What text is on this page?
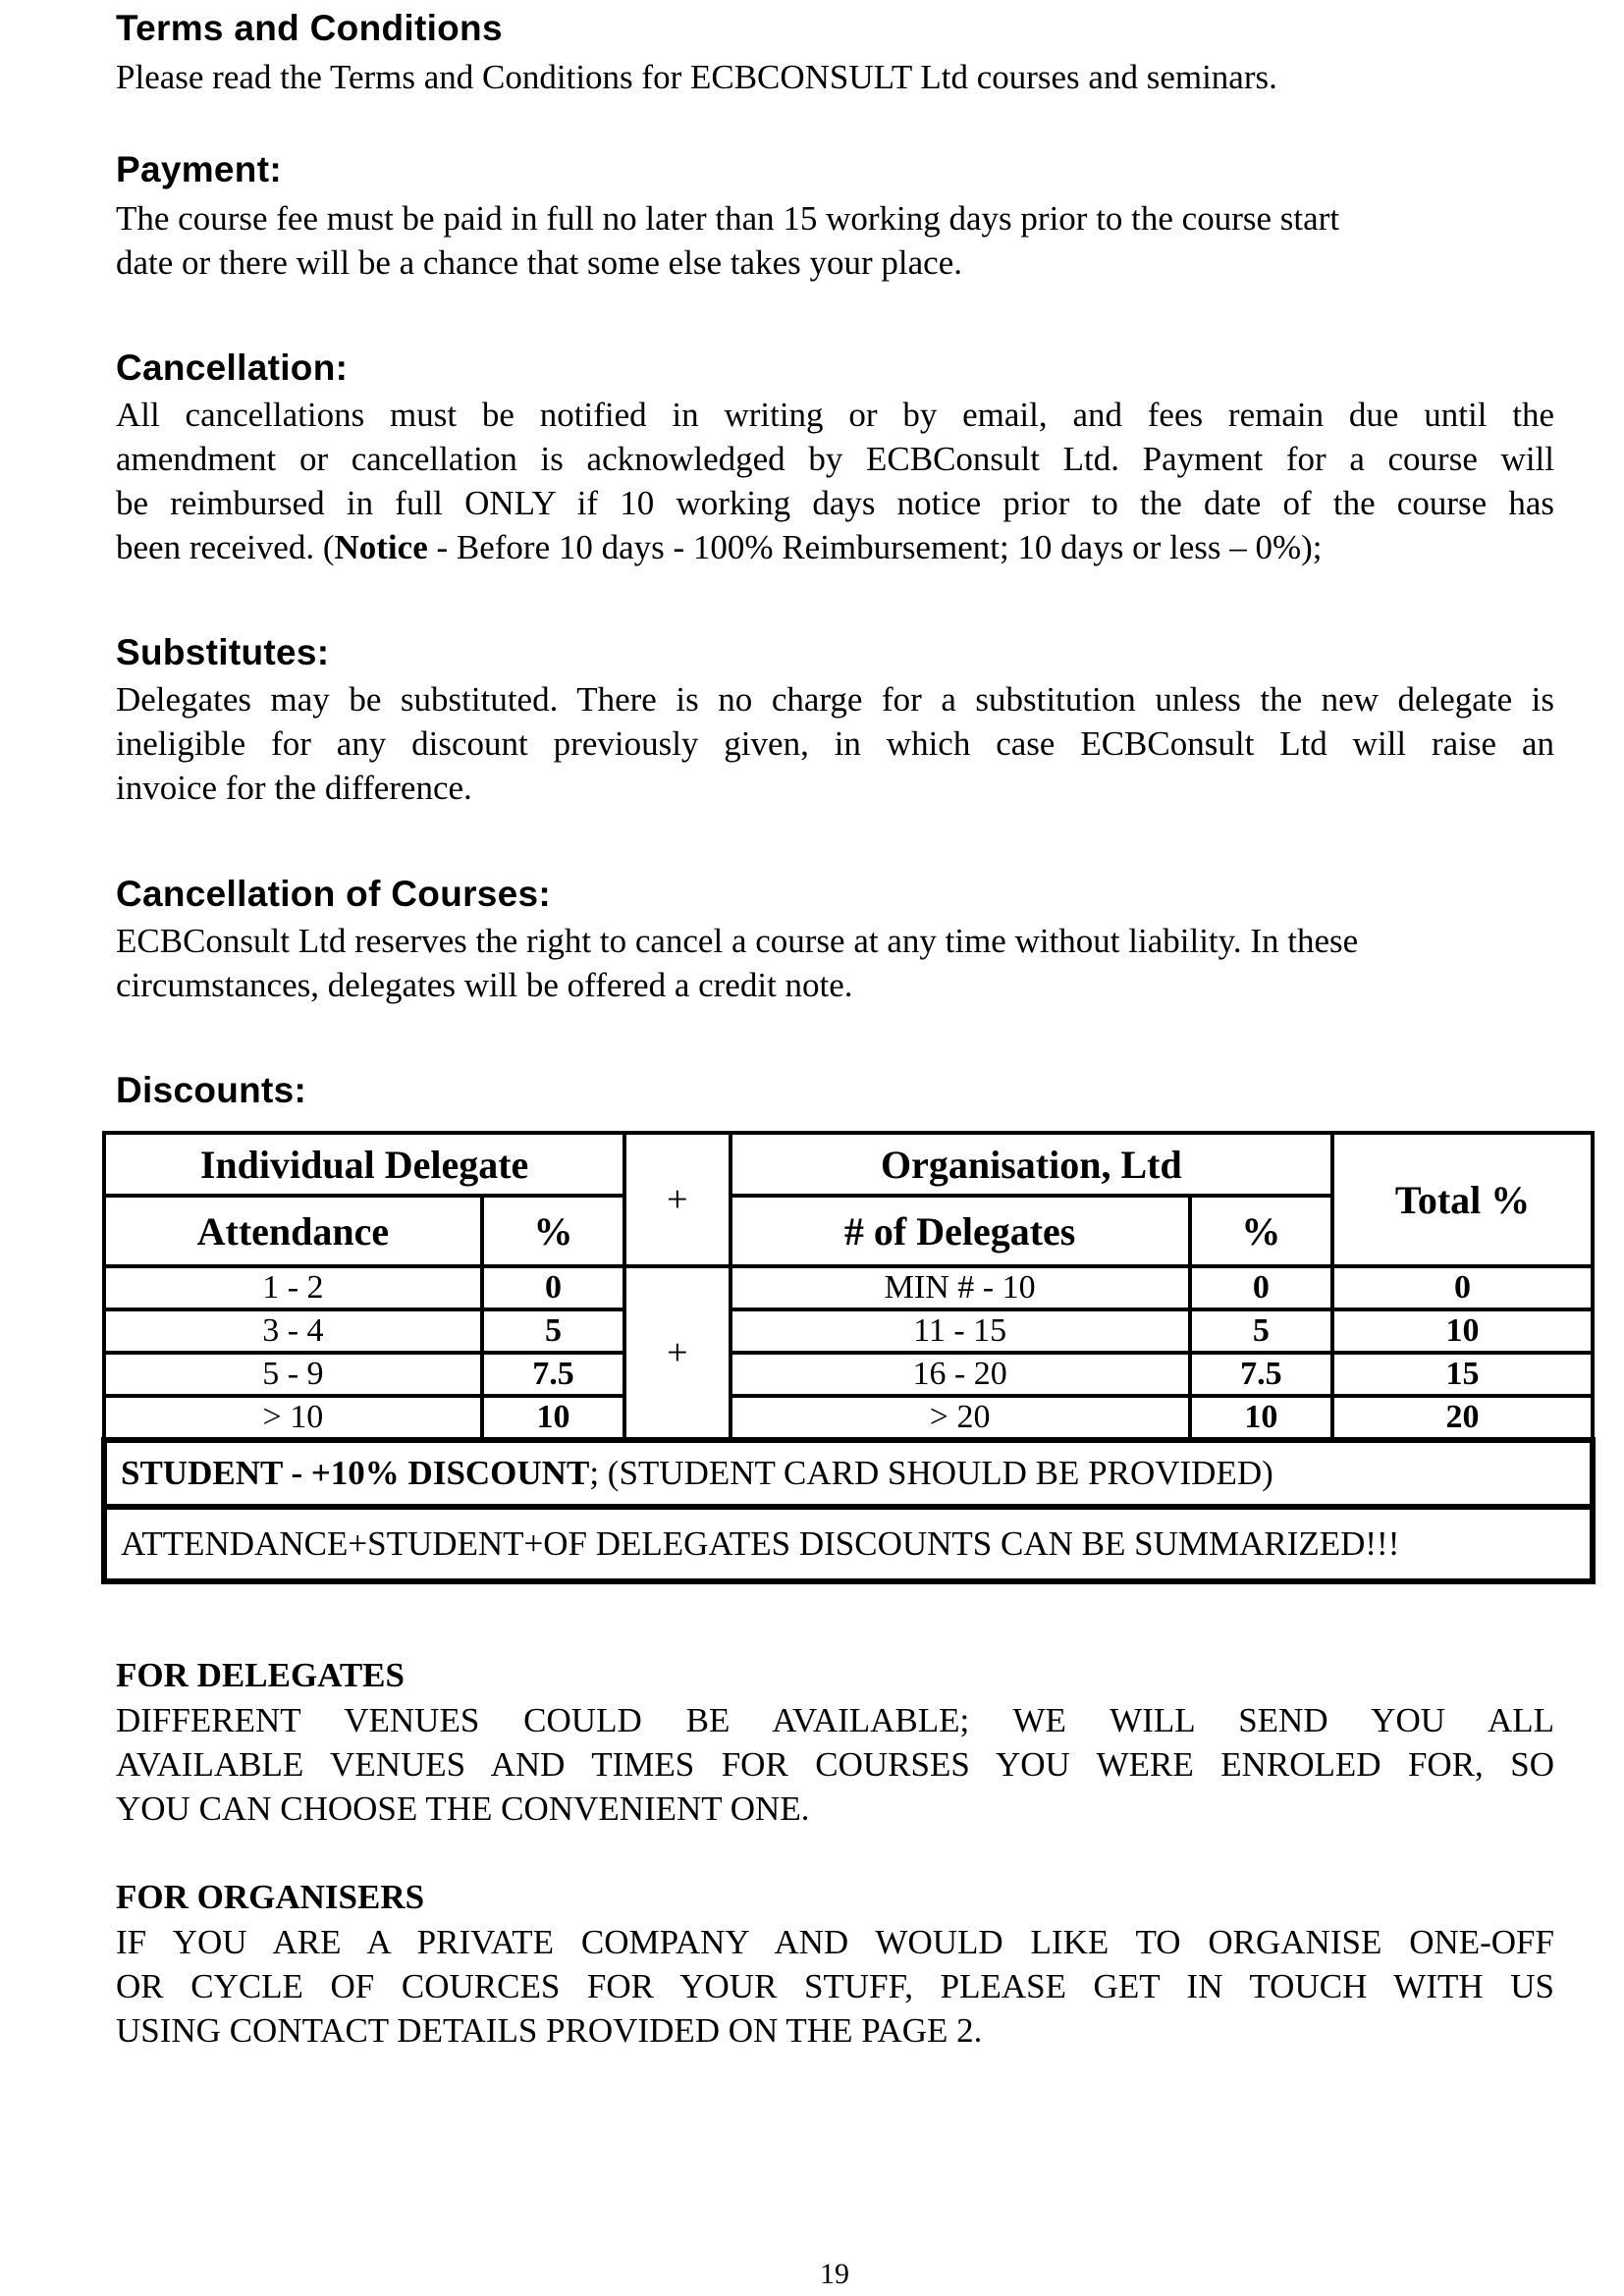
Terms and Conditions
Please read the Terms and Conditions for ECBCONSULT Ltd courses and seminars.
Payment:
The course fee must be paid in full no later than 15 working days prior to the course start
date or there will be a chance that some else takes your place.
Cancellation:
All cancellations must be notified in writing or by email, and fees remain due until the
amendment or cancellation is acknowledged by ECBConsult Ltd. Payment for a course will
be reimbursed in full ONLY if 10 working days notice prior to the date of the course has
been received. (Notice - Before 10 days - 100% Reimbursement; 10 days or less – 0%);
Substitutes:
Delegates may be substituted. There is no charge for a substitution unless the new delegate is
ineligible for any discount previously given, in which case ECBConsult Ltd will raise an
invoice for the difference.
Cancellation of Courses:
ECBConsult Ltd reserves the right to cancel a course at any time without liability. In these
circumstances, delegates will be offered a credit note.
Discounts:
Individual Delegate		+	Organisation, Ltd		Total %
Attendance	%		# of Delegates	%	
1 - 2	0	+	MIN # - 10	0	0
3 - 4	5		11 - 15	5	10
5 - 9	7.5		16 - 20	7.5	15
> 10	10		> 20	10	20
STUDENT - +10% DISCOUNT; (STUDENT CARD SHOULD BE PROVIDED)					
ATTENDANCE+STUDENT+OF DELEGATES DISCOUNTS CAN BE SUMMARIZED!!!					
FOR DELEGATES
DIFFERENT VENUES COULD BE AVAILABLE; WE WILL SEND YOU ALL
AVAILABLE VENUES AND TIMES FOR COURSES YOU WERE ENROLED FOR, SO
YOU CAN CHOOSE THE CONVENIENT ONE.
FOR ORGANISERS
IF YOU ARE A PRIVATE COMPANY AND WOULD LIKE TO ORGANISE ONE-OFF
OR CYCLE OF COURCES FOR YOUR STUFF, PLEASE GET IN TOUCH WITH US
USING CONTACT DETAILS PROVIDED ON THE PAGE 2.
19
